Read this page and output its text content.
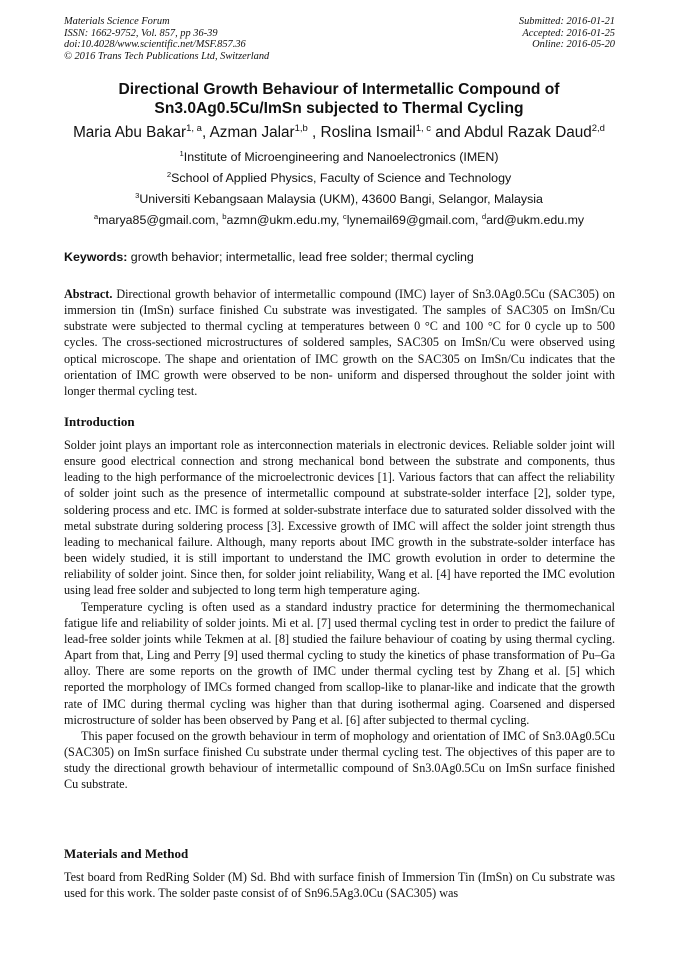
Materials Science Forum
ISSN: 1662-9752, Vol. 857, pp 36-39
doi:10.4028/www.scientific.net/MSF.857.36
© 2016 Trans Tech Publications Ltd, Switzerland
Submitted: 2016-01-21
Accepted: 2016-01-25
Online: 2016-05-20
Directional Growth Behaviour of Intermetallic Compound of
Sn3.0Ag0.5Cu/ImSn subjected to Thermal Cycling
Maria Abu Bakar$^{1, a}$, Azman Jalar$^{1,b}$ , Roslina Ismail$^{1, c}$ and Abdul Razak Daud$^{2,d}$
$^1$Institute of Microengineering and Nanoelectronics (IMEN)
$^2$School of Applied Physics, Faculty of Science and Technology
$^3$Universiti Kebangsaan Malaysia (UKM), 43600 Bangi, Selangor, Malaysia
$^a$marya85@gmail.com, $^b$azmn@ukm.edu.my, $^c$lynemail69@gmail.com, $^d$ard@ukm.edu.my
Keywords: growth behavior; intermetallic, lead free solder; thermal cycling

Abstract. Directional growth behavior of intermetallic compound (IMC) layer of Sn3.0Ag0.5Cu (SAC305) on immersion tin (ImSn) surface finished Cu substrate was investigated. The samples of SAC305 on ImSn/Cu substrate were subjected to thermal cycling at temperatures between 0 °C and 100 °C for 0 cycle up to 500 cycles. The cross-sectioned microstructures of soldered samples, SAC305 on ImSn/Cu were observed using optical microscope. The shape and orientation of IMC growth on the SAC305 on ImSn/Cu indicates that the orientation of IMC growth were observed to be non- uniform and dispersed throughout the solder joint with longer thermal cycling test.

Introduction

Solder joint plays an important role as interconnection materials in electronic devices. Reliable solder joint will ensure good electrical connection and strong mechanical bond between the substrate and components, thus leading to the high performance of the microelectronic devices [1]. Various factors that can affect the reliability of solder joint such as the presence of intermetallic compound at substrate-solder interface [2], solder type, soldering process and etc. IMC is formed at solder-substrate interface due to saturated solder dissolved with the metal substrate during soldering process [3]. Excessive growth of IMC will affect the solder joint strength thus leading to mechanical failure. Although, many reports about IMC growth in the substrate-solder interface has been widely studied, it is still important to understand the IMC growth evolution in order to determine the reliability of solder joint. Since then, for solder joint reliability, Wang et al. [4] have reported the IMC evolution using lead free solder and subjected to long term high temperature aging.

Temperature cycling is often used as a standard industry practice for determining the thermomechanical fatigue life and reliability of solder joints. Mi et al. [7] used thermal cycling test in order to predict the failure of lead-free solder joints while Tekmen at al. [8] studied the failure behaviour of coating by using thermal cycling. Apart from that, Ling and Perry [9] used thermal cycling to study the kinetics of phase transformation of Pu–Ga alloy. There are some reports on the growth of IMC under thermal cycling test by Zhang et al. [5] which reported the morphology of IMCs formed changed from scallop-like to planar-like and indicate that the growth rate of IMC during thermal cycling was higher than that during isothermal aging. Coarsened and dispersed microstructure of solder has been observed by Pang et al. [6] after subjected to thermal cycling.

This paper focused on the growth behaviour in term of mophology and orientation of IMC of Sn3.0Ag0.5Cu (SAC305) on ImSn surface finished Cu substrate under thermal cycling test. The objectives of this paper are to study the directional growth behaviour of intermetallic compound of Sn3.0Ag0.5Cu on ImSn surface finished Cu substrate.

Materials and Method

Test board from RedRing Solder (M) Sd. Bhd with surface finish of Immersion Tin (ImSn) on Cu substrate was used for this work. The solder paste consist of of Sn96.5Ag3.0Cu (SAC305) was
